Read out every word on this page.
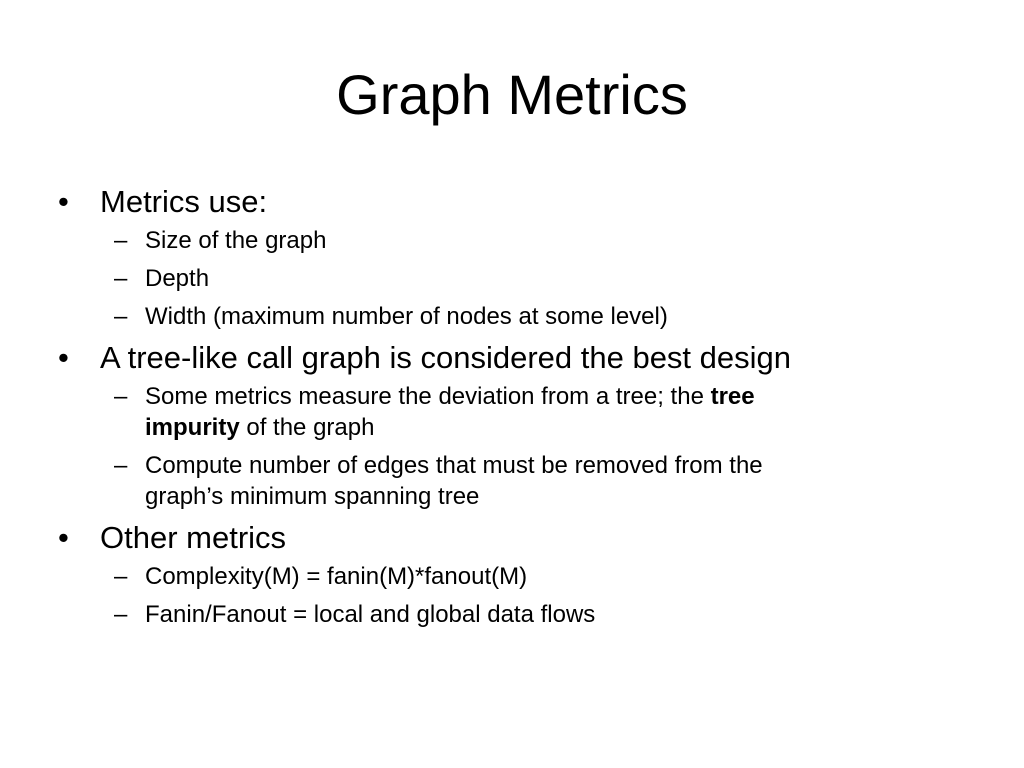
Graph Metrics
• Metrics use:
– Size of the graph
– Depth
– Width (maximum number of nodes at some level)
• A tree-like call graph is considered the best design
– Some metrics measure the deviation from a tree; the tree impurity of the graph
– Compute number of edges that must be removed from the graph’s minimum spanning tree
• Other metrics
– Complexity(M) = fanin(M)*fanout(M)
– Fanin/Fanout = local and global data flows
